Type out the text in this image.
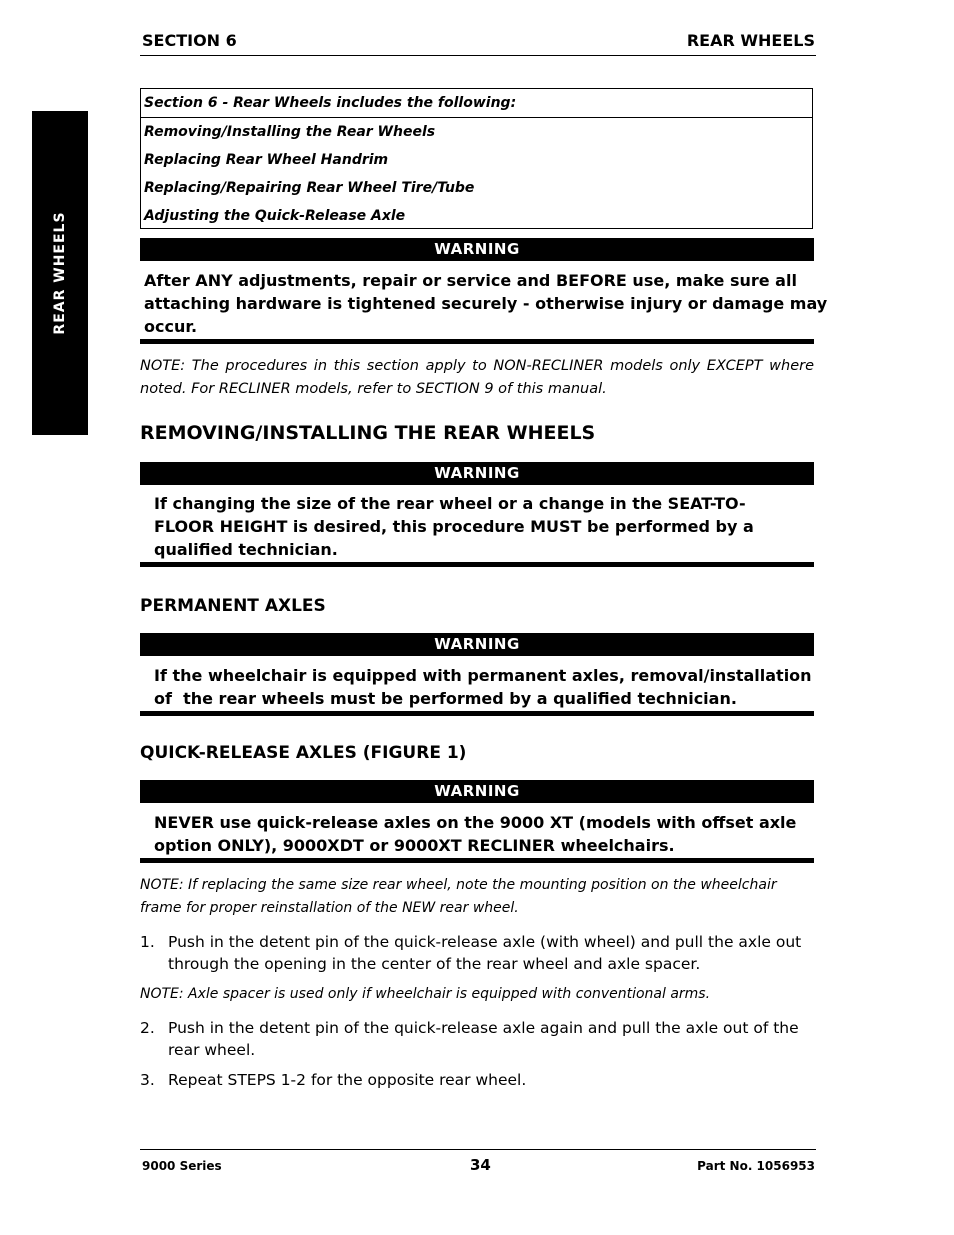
SECTION 6	REAR WHEELS
REAR WHEELS
Section 6 - Rear Wheels includes the following:
Removing/Installing the Rear Wheels
Replacing Rear Wheel Handrim
Replacing/Repairing Rear Wheel Tire/Tube
Adjusting the Quick-Release Axle
WARNING
After ANY adjustments, repair or service and BEFORE use, make sure all
attaching hardware is tightened securely - otherwise injury or damage may
occur.
NOTE: The procedures in this section apply to NON-RECLINER models only EXCEPT where noted. For RECLINER models, refer to SECTION 9 of this manual.
REMOVING/INSTALLING THE REAR WHEELS
WARNING
If changing the size of the rear wheel or a change in the SEAT-TO-
FLOOR HEIGHT is desired, this procedure MUST be performed by a
qualified technician.
PERMANENT AXLES
WARNING
If the wheelchair is equipped with permanent axles, removal/installation
of  the rear wheels must be performed by a qualified technician.
QUICK-RELEASE AXLES (FIGURE 1)
WARNING
NEVER use quick-release axles on the 9000 XT (models with offset axle
option ONLY), 9000XDT or 9000XT RECLINER wheelchairs.
NOTE: If replacing the same size rear wheel, note the mounting position on the wheelchair frame for proper reinstallation of the NEW rear wheel.
1. Push in the detent pin of the quick-release axle (with wheel) and pull the axle out through the opening in the center of the rear wheel and axle spacer.
NOTE: Axle spacer is used only if wheelchair is equipped with conventional arms.
2. Push in the detent pin of the quick-release axle again and pull the axle out of the rear wheel.
3. Repeat STEPS 1-2 for the opposite rear wheel.
9000 Series	34	Part No. 1056953
